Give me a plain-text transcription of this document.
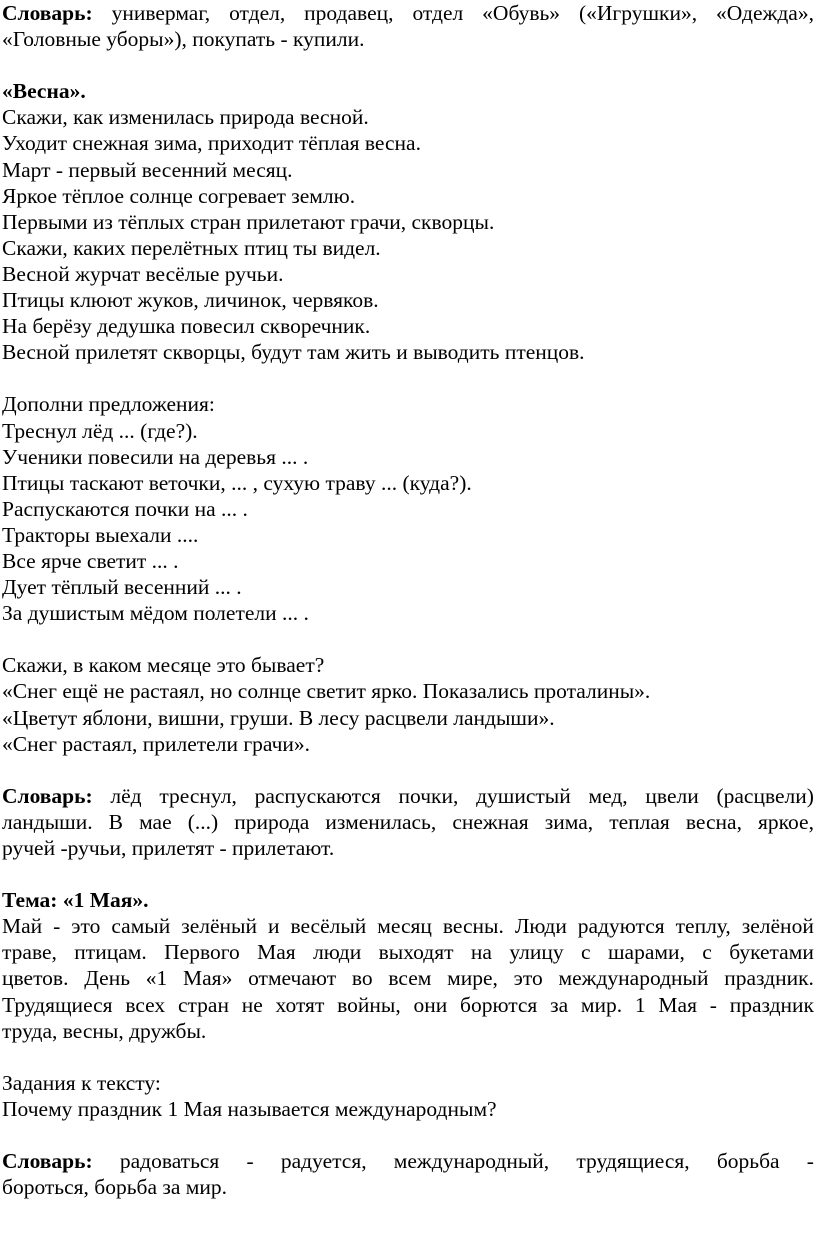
Словарь: универмаг, отдел, продавец, отдел «Обувь» («Игрушки», «Одежда»,
«Головные уборы»), покупать - купили.
«Весна».
Скажи, как изменилась природа весной.
Уходит снежная зима, приходит тёплая весна.
Март - первый весенний месяц.
Яркое тёплое солнце согревает землю.
Первыми из тёплых стран прилетают грачи, скворцы.
Скажи, каких перелётных птиц ты видел.
Весной журчат весёлые ручьи.
Птицы клюют жуков, личинок, червяков.
На берёзу дедушка повесил скворечник.
Весной прилетят скворцы, будут там жить и выводить птенцов.
Дополни предложения:
Треснул лёд ... (где?).
Ученики повесили на деревья ... .
Птицы таскают веточки, ... , сухую траву ... (куда?).
Распускаются почки на ... .
Тракторы выехали ....
Все ярче светит ... .
Дует тёплый весенний ... .
За душистым мёдом полетели ... .
Скажи, в каком месяце это бывает?
«Снег ещё не растаял, но солнце светит ярко. Показались проталины».
«Цветут яблони, вишни, груши. В лесу расцвели ландыши».
«Снег растаял, прилетели грачи».
Словарь: лёд треснул, распускаются почки, душистый мед, цвели (расцвели)
ландыши. В мае (...) природа изменилась, снежная зима, теплая весна, яркое,
ручей -ручьи, прилетят - прилетают.
Тема: «1 Мая».
Май - это самый зелёный и весёлый месяц весны. Люди радуются теплу, зелёной
траве, птицам. Первого Мая люди выходят на улицу с шарами, с букетами
цветов. День «1 Мая» отмечают во всем мире, это международный праздник.
Трудящиеся всех стран не хотят войны, они борются за мир. 1 Мая - праздник
труда, весны, дружбы.
Задания к тексту:
Почему праздник 1 Мая называется международным?
Словарь: радоваться - радуется, международный, трудящиеся, борьба -
бороться, борьба за мир.
